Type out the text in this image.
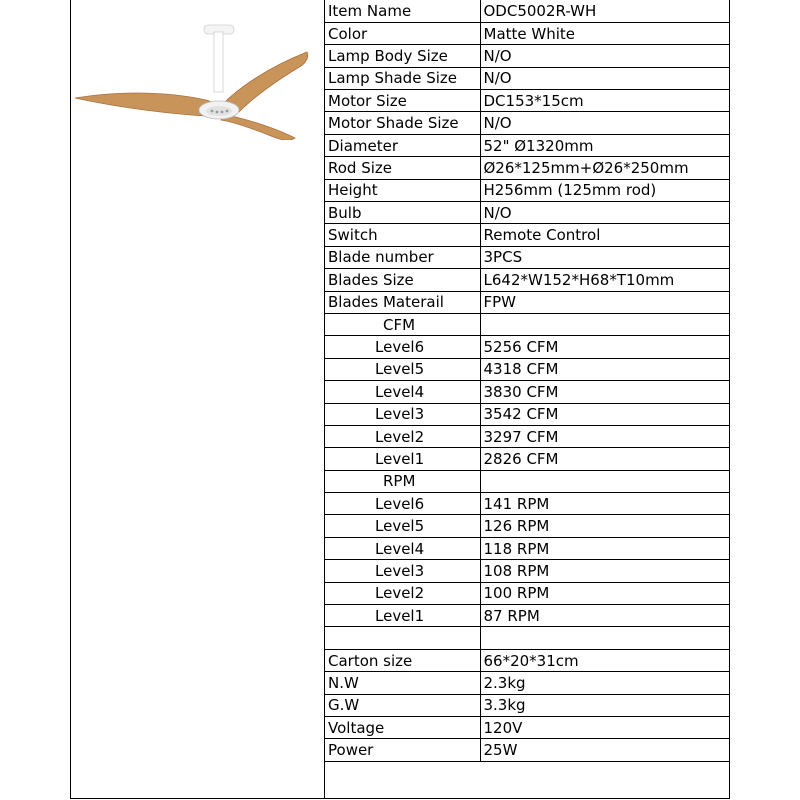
Item Name	ODC5002R-WH
Color	Matte White
Lamp Body Size	N/O
Lamp Shade Size	N/O
Motor Size	DC153*15cm
Motor Shade Size	N/O
Diameter	52" Ø1320mm
Rod Size	Ø26*125mm+Ø26*250mm
Height	H256mm (125mm rod)
Bulb	N/O
Switch	Remote Control
Blade number	3PCS
Blades Size	L642*W152*H68*T10mm
Blades Materail	FPW
CFM	
Level6	5256 CFM
Level5	4318 CFM
Level4	3830 CFM
Level3	3542 CFM
Level2	3297 CFM
Level1	2826 CFM
RPM	
Level6	141 RPM
Level5	126 RPM
Level4	118 RPM
Level3	108 RPM
Level2	100 RPM
Level1	87 RPM

Carton size	66*20*31cm
N.W	2.3kg
G.W	3.3kg
Voltage	120V
Power	25W
